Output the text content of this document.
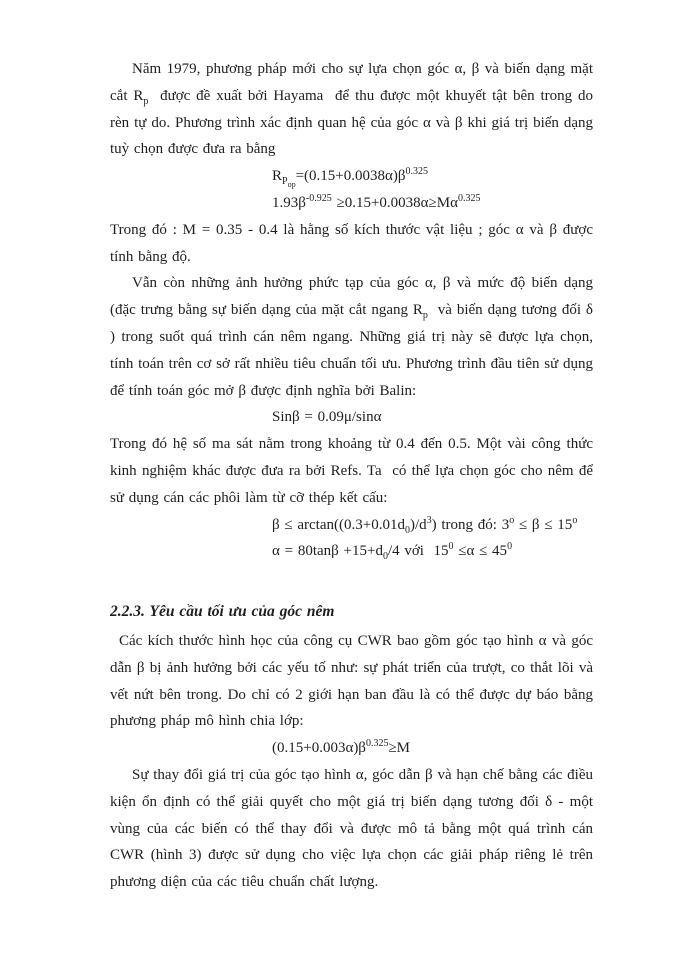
Năm 1979, phương pháp mới cho sự lựa chọn góc α, β và biến dạng mặt cắt $R_p$  được đề xuất bởi Hayama  để thu được một khuyết tật bên trong do rèn tự do. Phương trình xác định quan hệ của góc α và β khi giá trị biến dạng tuỳ chọn được đưa ra bằng

$R_{P_{op}}=(0.15+0.0038\alpha)\beta^{0.325}$

$1.93\beta^{-0.925} \ge 0.15+0.0038\alpha\ge M\alpha^{0.325}$

Trong đó : M = 0.35 - 0.4 là hằng số kích thước vật liệu ; góc α và β được tính bằng độ.

Vẫn còn những ảnh hưởng phức tạp của góc α, β và mức độ biến dạng (đặc trưng bằng sự biến dạng của mặt cắt ngang $R_p$  và biến dạng tương đối δ ) trong suốt quá trình cán nêm ngang. Những giá trị này sẽ được lựa chọn, tính toán trên cơ sở rất nhiều tiêu chuẩn tối ưu. Phương trình đầu tiên sử dụng để tính toán góc mở β được định nghĩa bởi Balin:

Sinβ = 0.09μ/sinα

Trong đó hệ số ma sát nằm trong khoảng từ 0.4 đến 0.5. Một vài công thức kinh nghiệm khác được đưa ra bởi Refs. Ta  có thể lựa chọn góc cho nêm để sử dụng cán các phôi làm từ cỡ thép kết cấu:

$\beta \le \arctan((0.3+0.01d_0)/d^3)$ trong đó: $3^o \le \beta \le 15^o$

$\alpha = 80\tan\beta +15+d_0/4$ với  $15^0 \le\alpha \le 45^0$

2.2.3. Yêu cầu tối ưu của góc nêm

Các kích thước hình học của công cụ CWR bao gồm góc tạo hình α và góc dẫn β bị ảnh hưởng bởi các yếu tố như: sự phát triển của trượt, co thắt lõi và vết nứt bên trong. Do chỉ có 2 giới hạn ban đầu là có thể được dự báo bằng phương pháp mô hình chia lớp:

$(0.15+0.003\alpha)\beta^{0.325}\ge M$

Sự thay đổi giá trị của góc tạo hình α, góc dẫn β và hạn chế bằng các điều kiện ổn định có thể giải quyết cho một giá trị biến dạng tương đối δ - một vùng của các biến có thể thay đổi và được mô tả bằng một quá trình cán CWR (hình 3) được sử dụng cho việc lựa chọn các giải pháp riêng lẻ trên phương diện của các tiêu chuẩn chất lượng.
